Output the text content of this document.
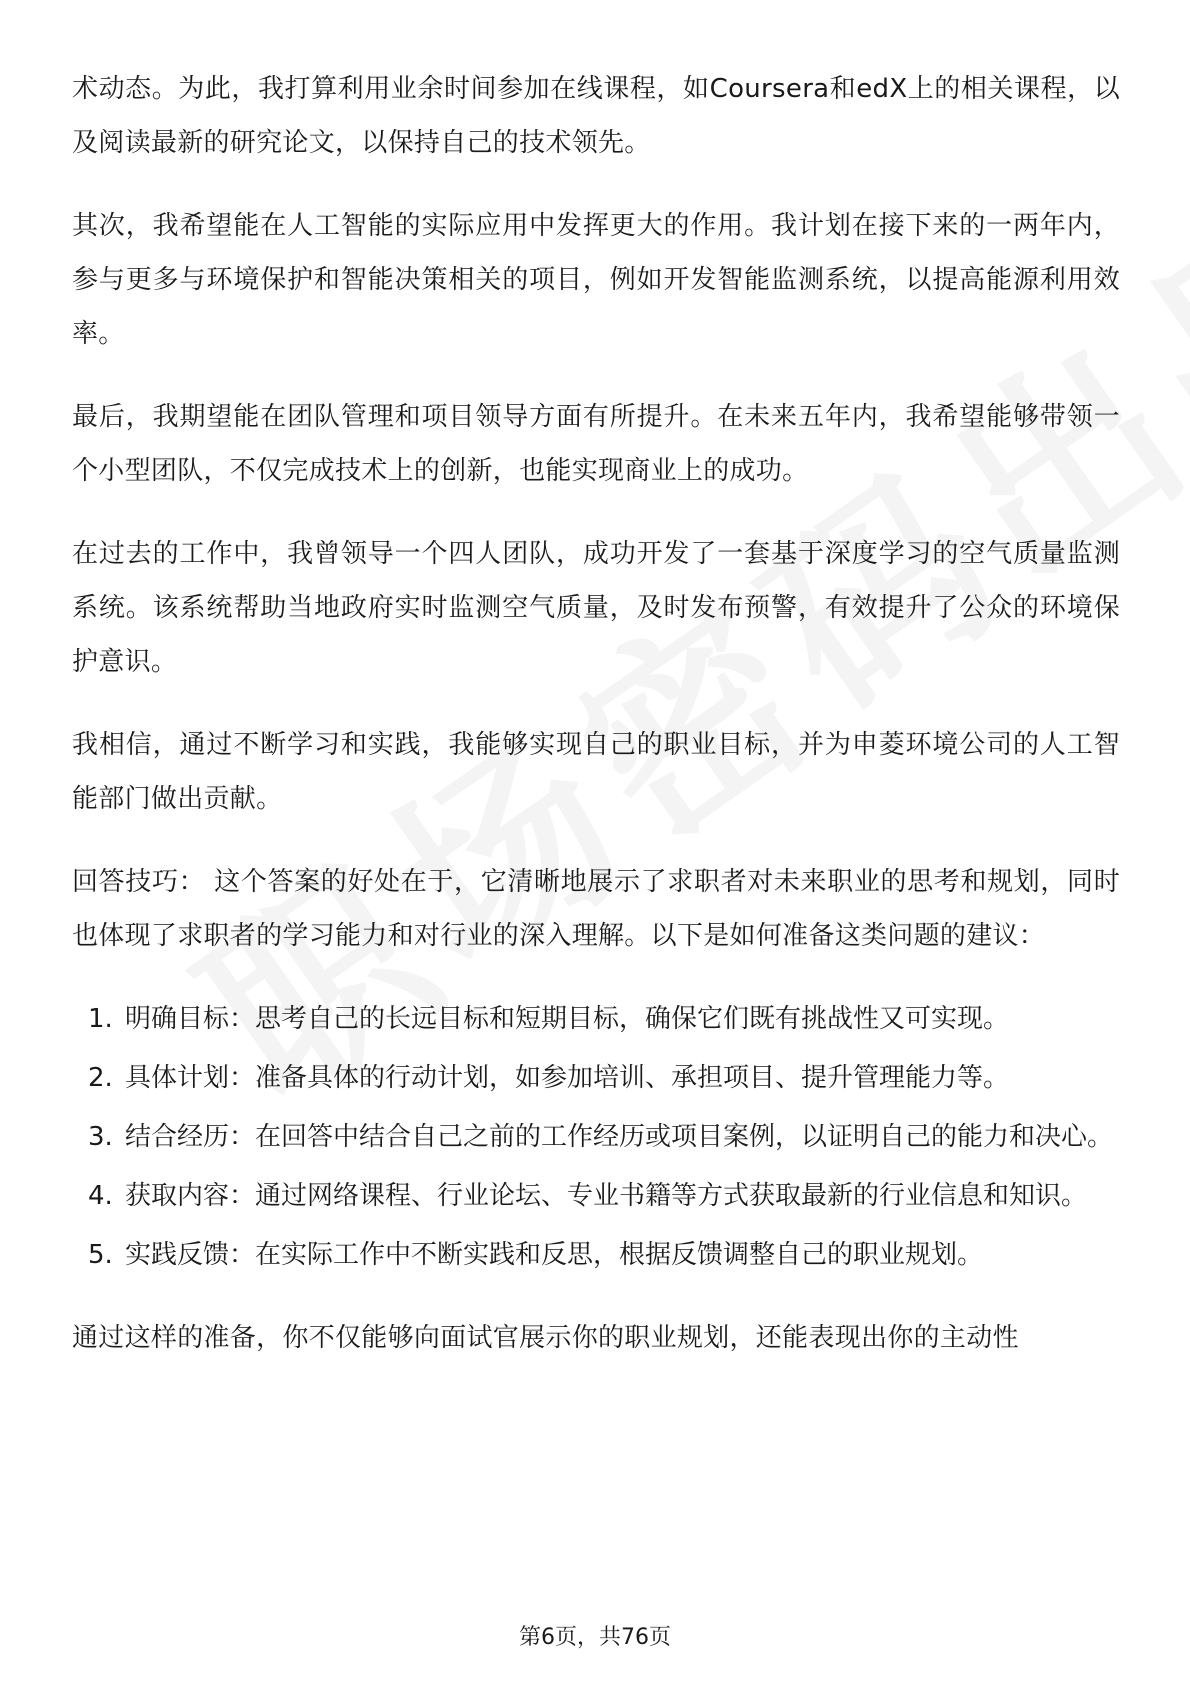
术动态。为此，我打算利用业余时间参加在线课程，如Coursera和edX上的相关课程，以及阅读最新的研究论文，以保持自己的技术领先。

其次，我希望能在人工智能的实际应用中发挥更大的作用。我计划在接下来的一两年内，参与更多与环境保护和智能决策相关的项目，例如开发智能监测系统，以提高能源利用效率。

最后，我期望能在团队管理和项目领导方面有所提升。在未来五年内，我希望能够带领一个小型团队，不仅完成技术上的创新，也能实现商业上的成功。

在过去的工作中，我曾领导一个四人团队，成功开发了一套基于深度学习的空气质量监测系统。该系统帮助当地政府实时监测空气质量，及时发布预警，有效提升了公众的环境保护意识。

我相信，通过不断学习和实践，我能够实现自己的职业目标，并为申菱环境公司的人工智能部门做出贡献。

回答技巧： 这个答案的好处在于，它清晰地展示了求职者对未来职业的思考和规划，同时也体现了求职者的学习能力和对行业的深入理解。以下是如何准备这类问题的建议：

1. 明确目标：思考自己的长远目标和短期目标，确保它们既有挑战性又可实现。
2. 具体计划：准备具体的行动计划，如参加培训、承担项目、提升管理能力等。
3. 结合经历：在回答中结合自己之前的工作经历或项目案例，以证明自己的能力和决心。
4. 获取内容：通过网络课程、行业论坛、专业书籍等方式获取最新的行业信息和知识。
5. 实践反馈：在实际工作中不断实践和反思，根据反馈调整自己的职业规划。

通过这样的准备，你不仅能够向面试官展示你的职业规划，还能表现出你的主动性

第6页，共76页
